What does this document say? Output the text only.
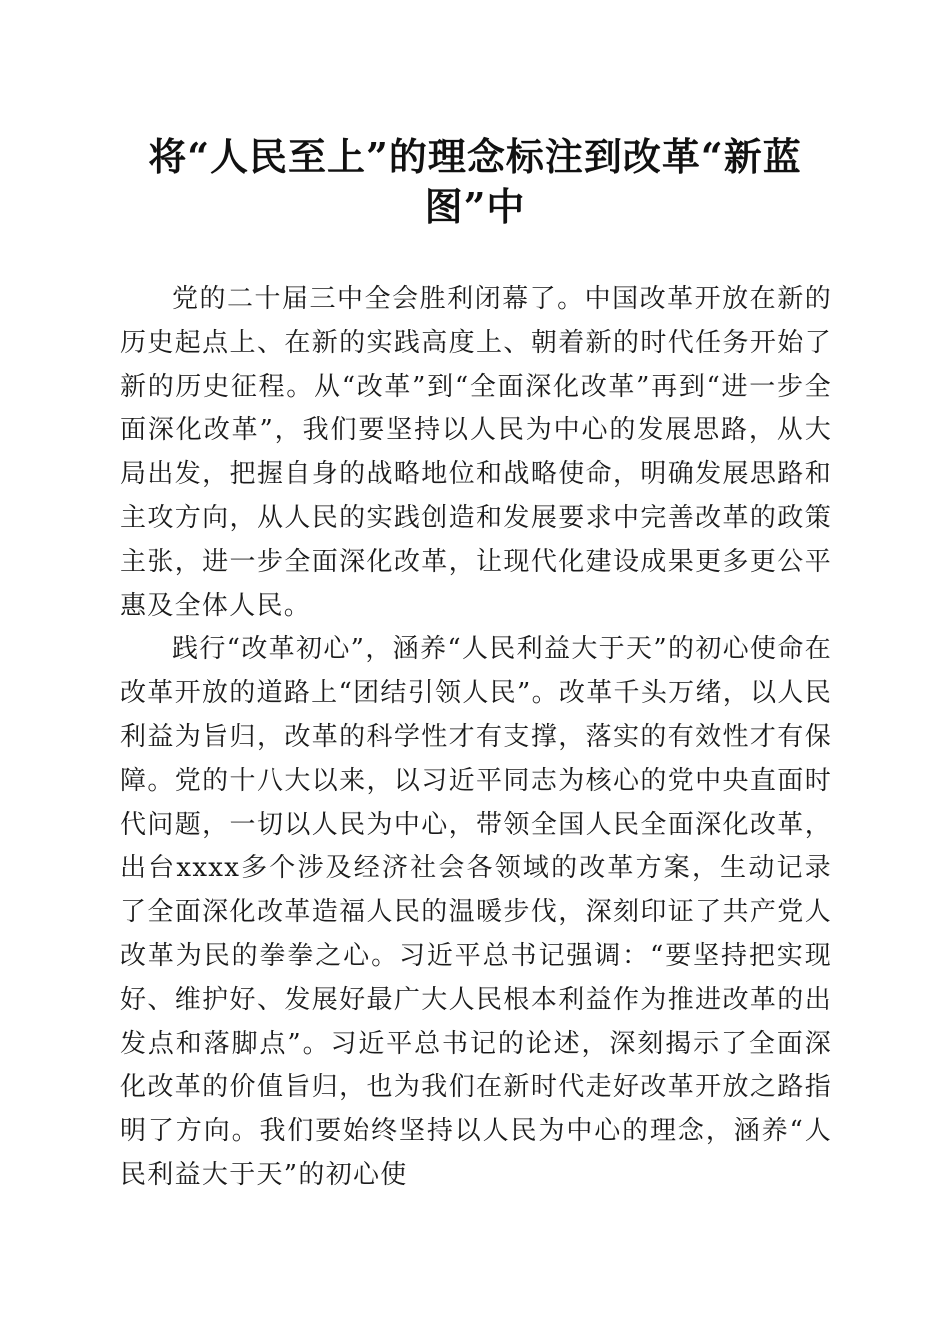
将“人民至上”的理念标注到改革“新蓝图”中

党的二十届三中全会胜利闭幕了。中国改革开放在新的历史起点上、在新的实践高度上、朝着新的时代任务开始了新的历史征程。从“改革”到“全面深化改革”再到“进一步全面深化改革”，我们要坚持以人民为中心的发展思路，从大局出发，把握自身的战略地位和战略使命，明确发展思路和主攻方向，从人民的实践创造和发展要求中完善改革的政策主张，进一步全面深化改革，让现代化建设成果更多更公平惠及全体人民。

践行“改革初心”，涵养“人民利益大于天”的初心使命在改革开放的道路上“团结引领人民”。改革千头万绪，以人民利益为旨归，改革的科学性才有支撑，落实的有效性才有保障。党的十八大以来，以习近平同志为核心的党中央直面时代问题，一切以人民为中心，带领全国人民全面深化改革，出台xxxx多个涉及经济社会各领域的改革方案，生动记录了全面深化改革造福人民的温暖步伐，深刻印证了共产党人改革为民的拳拳之心。习近平总书记强调：“要坚持把实现好、维护好、发展好最广大人民根本利益作为推进改革的出发点和落脚点”。习近平总书记的论述，深刻揭示了全面深化改革的价值旨归，也为我们在新时代走好改革开放之路指明了方向。我们要始终坚持以人民为中心的理念，涵养“人民利益大于天”的初心使
